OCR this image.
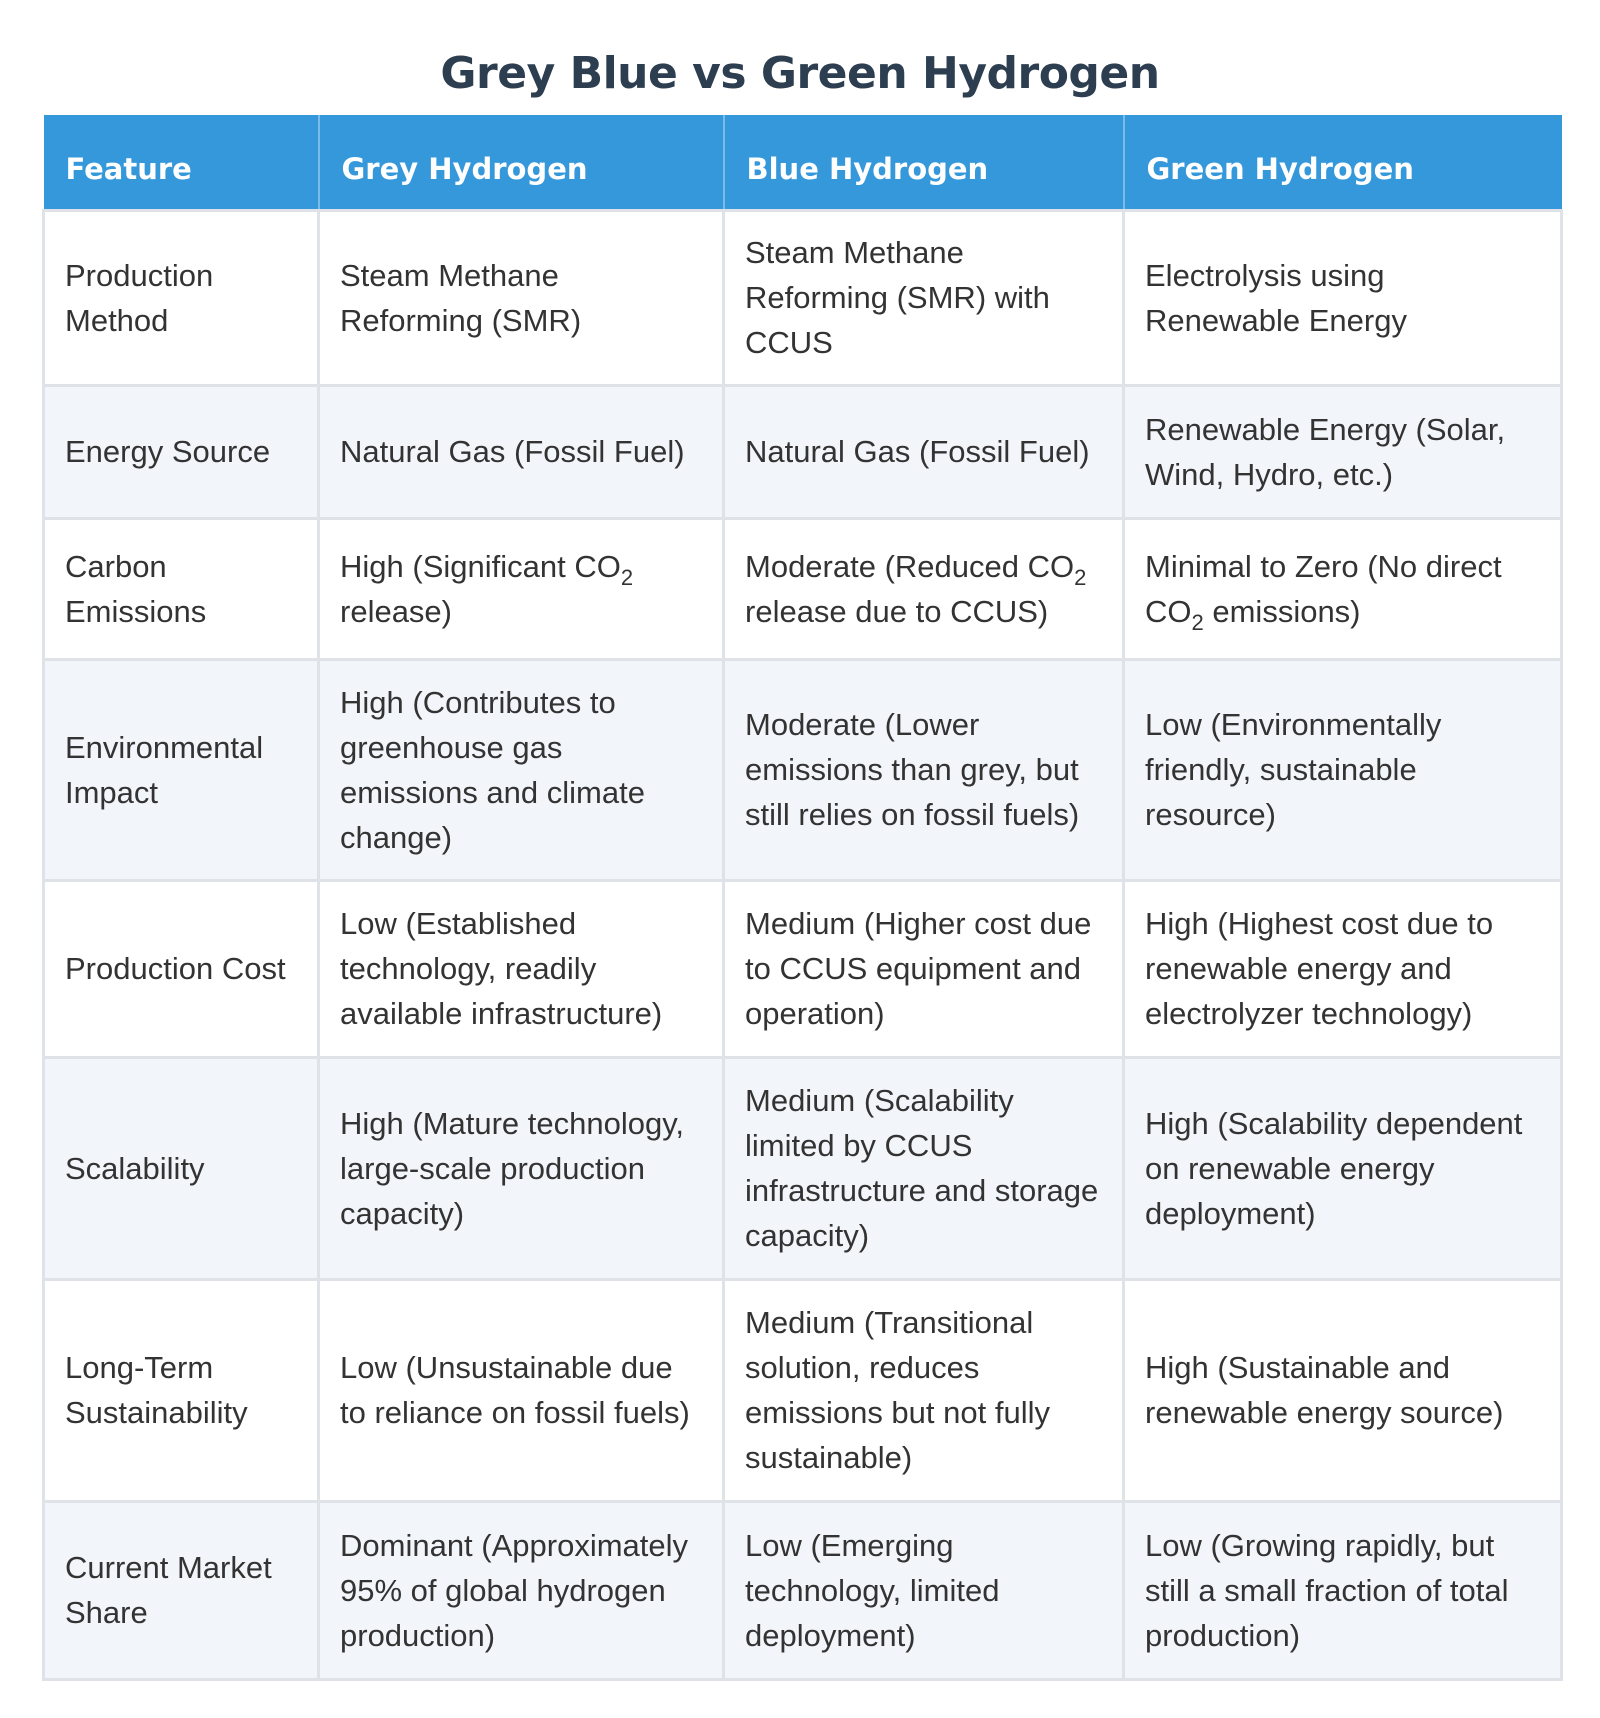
Grey Blue vs Green Hydrogen
Feature	Grey Hydrogen	Blue Hydrogen	Green Hydrogen
Production Method	Steam Methane Reforming (SMR)	Steam Methane Reforming (SMR) with CCUS	Electrolysis using Renewable Energy
Energy Source	Natural Gas (Fossil Fuel)	Natural Gas (Fossil Fuel)	Renewable Energy (Solar, Wind, Hydro, etc.)
Carbon Emissions	High (Significant $CO_2$ release)	Moderate (Reduced $CO_2$ release due to CCUS)	Minimal to Zero (No direct $CO_2$ emissions)
Environmental Impact	High (Contributes to greenhouse gas emissions and climate change)	Moderate (Lower emissions than grey, but still relies on fossil fuels)	Low (Environmentally friendly, sustainable resource)
Production Cost	Low (Established technology, readily available infrastructure)	Medium (Higher cost due to CCUS equipment and operation)	High (Highest cost due to renewable energy and electrolyzer technology)
Scalability	High (Mature technology, large-scale production capacity)	Medium (Scalability limited by CCUS infrastructure and storage capacity)	High (Scalability dependent on renewable energy deployment)
Long-Term Sustainability	Low (Unsustainable due to reliance on fossil fuels)	Medium (Transitional solution, reduces emissions but not fully sustainable)	High (Sustainable and renewable energy source)
Current Market Share	Dominant (Approximately 95% of global hydrogen production)	Low (Emerging technology, limited deployment)	Low (Growing rapidly, but still a small fraction of total production)
